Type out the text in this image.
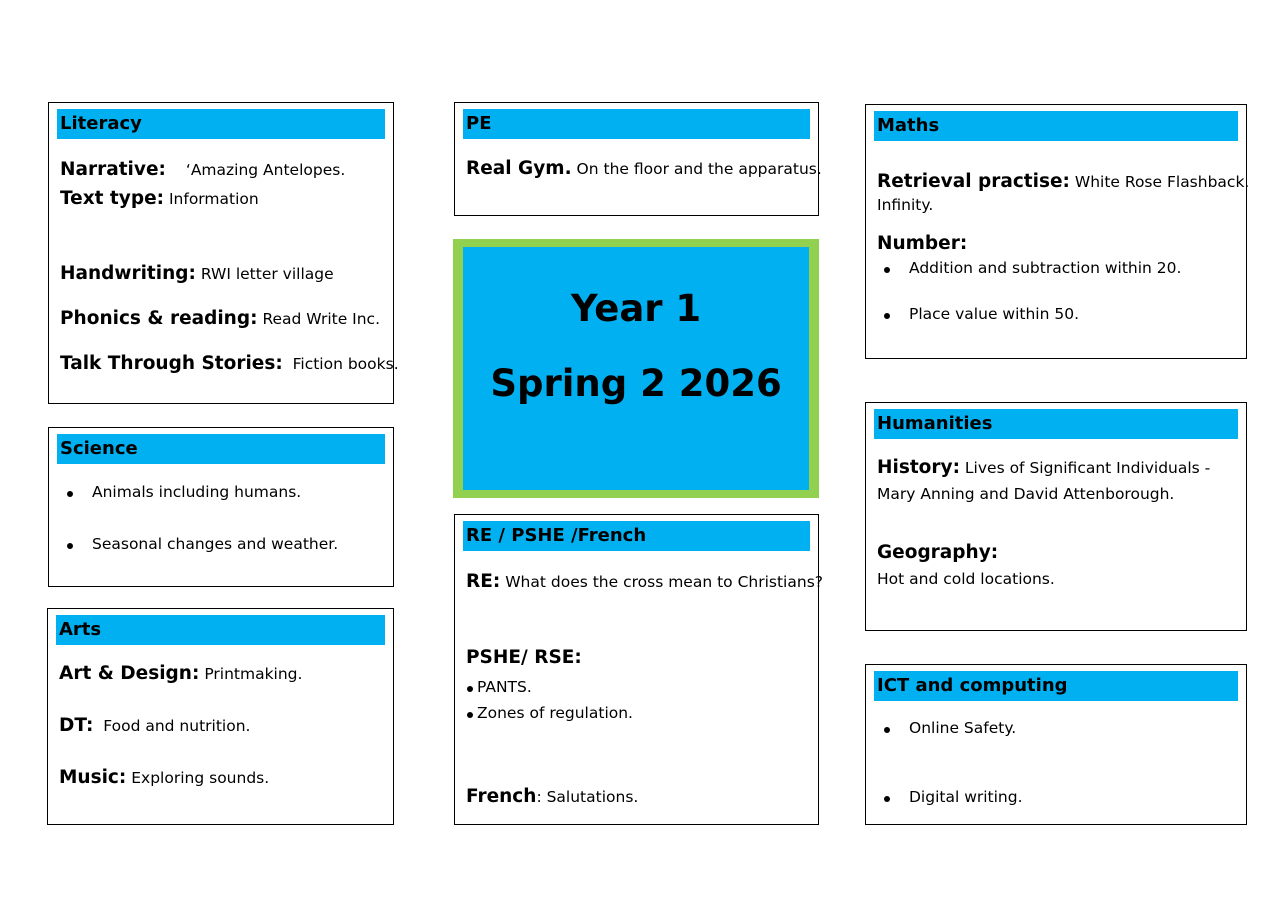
Literacy
Narrative: ‘Amazing Antelopes.
Text type: Information
Handwriting: RWI letter village
Phonics & reading: Read Write Inc.
Talk Through Stories: Fiction books.
Science
Animals including humans.
Seasonal changes and weather.
Arts
Art & Design: Printmaking.
DT: Food and nutrition.
Music: Exploring sounds.
PE
Real Gym. On the floor and the apparatus.
Year 1
Spring 2 2026
RE / PSHE /French
RE: What does the cross mean to Christians?
PSHE/ RSE:
PANTS.
Zones of regulation.
French: Salutations.
Maths
Retrieval practise: White Rose Flashback.
Infinity.
Number:
Addition and subtraction within 20.
Place value within 50.
Humanities
History: Lives of Significant Individuals -
Mary Anning and David Attenborough.
Geography:
Hot and cold locations.
ICT and computing
Online Safety.
Digital writing.
